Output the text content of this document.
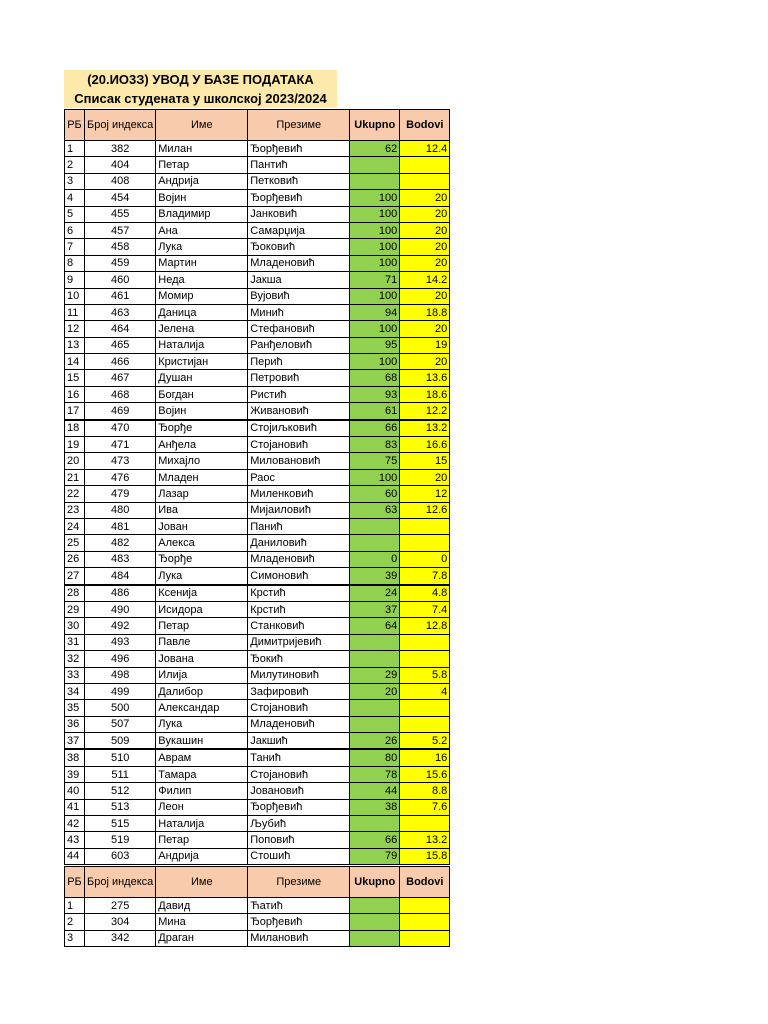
(20.ИО3З) УВОД У БАЗЕ ПОДАТАКА
Списак студената у школској 2023/2024
РБ	Број индекса	Име	Презиме	Ukupno	Bodovi
1	382	Милан	Ђорђевић	62	12.4
2	404	Петар	Пантић		
3	408	Андрија	Петковић		
4	454	Војин	Ђорђевић	100	20
5	455	Владимир	Јанковић	100	20
6	457	Ана	Самарџија	100	20
7	458	Лука	Ђоковић	100	20
8	459	Мартин	Младеновић	100	20
9	460	Неда	Јакша	71	14.2
10	461	Момир	Вујовић	100	20
11	463	Даница	Минић	94	18.8
12	464	Јелена	Стефановић	100	20
13	465	Наталија	Ранђеловић	95	19
14	466	Кристијан	Перић	100	20
15	467	Душан	Петровић	68	13.6
16	468	Богдан	Ристић	93	18.6
17	469	Војин	Живановић	61	12.2
18	470	Ђорђе	Стојиљковић	66	13.2
19	471	Анђела	Стојановић	83	16.6
20	473	Михајло	Миловановић	75	15
21	476	Младен	Раос	100	20
22	479	Лазар	Миленковић	60	12
23	480	Ива	Мијаиловић	63	12.6
24	481	Јован	Панић		
25	482	Алекса	Даниловић		
26	483	Ђорђе	Младеновић	0	0
27	484	Лука	Симоновић	39	7.8
28	486	Ксенија	Крстић	24	4.8
29	490	Исидора	Крстић	37	7.4
30	492	Петар	Станковић	64	12.8
31	493	Павле	Димитријевић		
32	496	Јована	Ђокић		
33	498	Илија	Милутиновић	29	5.8
34	499	Далибор	Зафировић	20	4
35	500	Александар	Стојановић		
36	507	Лука	Младеновић		
37	509	Вукашин	Јакшић	26	5.2
38	510	Аврам	Танић	80	16
39	511	Тамара	Стојановић	78	15.6
40	512	Филип	Јовановић	44	8.8
41	513	Леон	Ђорђевић	38	7.6
42	515	Наталија	Љубић		
43	519	Петар	Поповић	66	13.2
44	603	Андрија	Стошић	79	15.8
РБ	Број индекса	Име	Презиме	Ukupno	Bodovi
1	275	Давид	Ћатић		
2	304	Мина	Ђорђевић		
3	342	Драган	Милановић		
